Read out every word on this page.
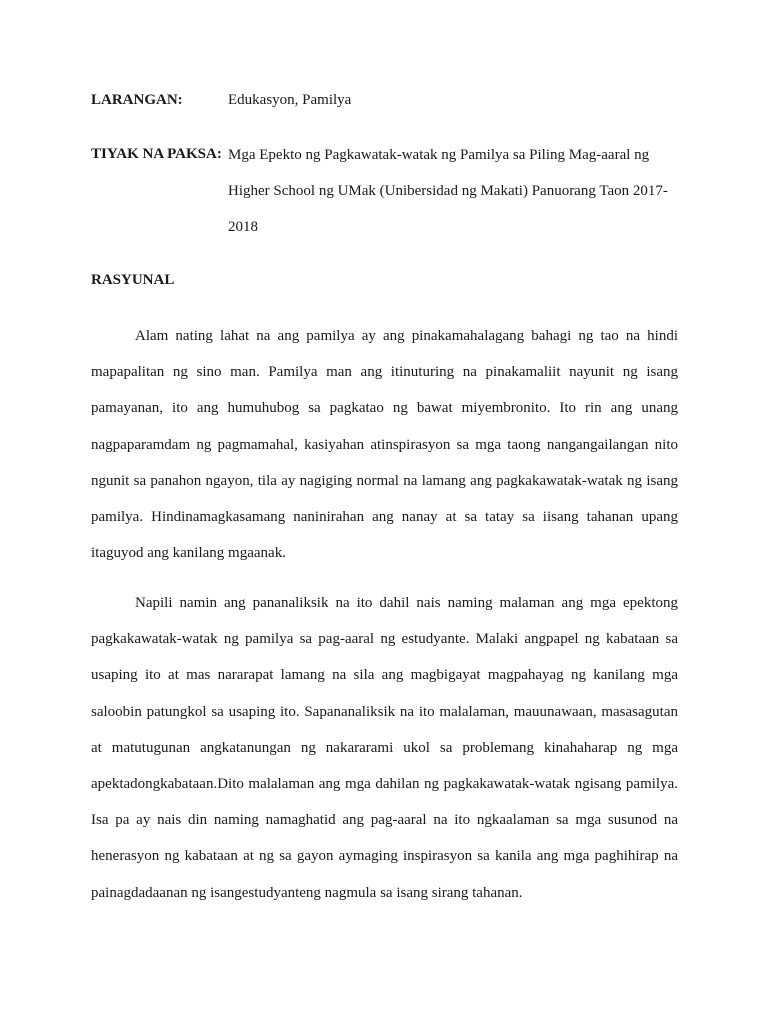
LARANGAN:	Edukasyon, Pamilya
TIYAK NA PAKSA: Mga Epekto ng Pagkawatak-watak ng Pamilya sa Piling Mag-aaral ng Higher School ng UMak (Unibersidad ng Makati) Panuorang Taon 2017-2018
RASYUNAL

Alam nating lahat na ang pamilya ay ang pinakamahalagang bahagi ng tao na hindi mapapalitan ng sino man. Pamilya man ang itinuturing na pinakamaliit nayunit ng isang pamayanan, ito ang humuhubog sa pagkatao ng bawat miyembronito. Ito rin ang unang nagpaparamdam ng pagmamahal, kasiyahan atinspirasyon sa mga taong nangangailangan nito ngunit sa panahon ngayon, tila ay nagiging normal na lamang ang pagkakawatak-watak ng isang pamilya. Hindinamagkasamang naninirahan ang nanay at sa tatay sa iisang tahanan upang itaguyod ang kanilang mgaanak.

Napili namin ang pananaliksik na ito dahil nais naming malaman ang mga epektong pagkakawatak-watak ng pamilya sa pag-aaral ng estudyante. Malaki angpapel ng kabataan sa usaping ito at mas nararapat lamang na sila ang magbigayat magpahayag ng kanilang mga saloobin patungkol sa usaping ito. Sapananaliksik na ito malalaman, mauunawaan, masasagutan at matutugunan angkatanungan ng nakararami ukol sa problemang kinahaharap ng mga apektadongkabataan.Dito malalaman ang mga dahilan ng pagkakawatak-watak ngisang pamilya. Isa pa ay nais din naming namaghatid ang pag-aaral na ito ngkaalaman sa mga susunod na henerasyon ng kabataan at ng sa gayon aymaging inspirasyon sa kanila ang mga paghihirap na painagdadaanan ng isangestudyanteng nagmula sa isang sirang tahanan.
